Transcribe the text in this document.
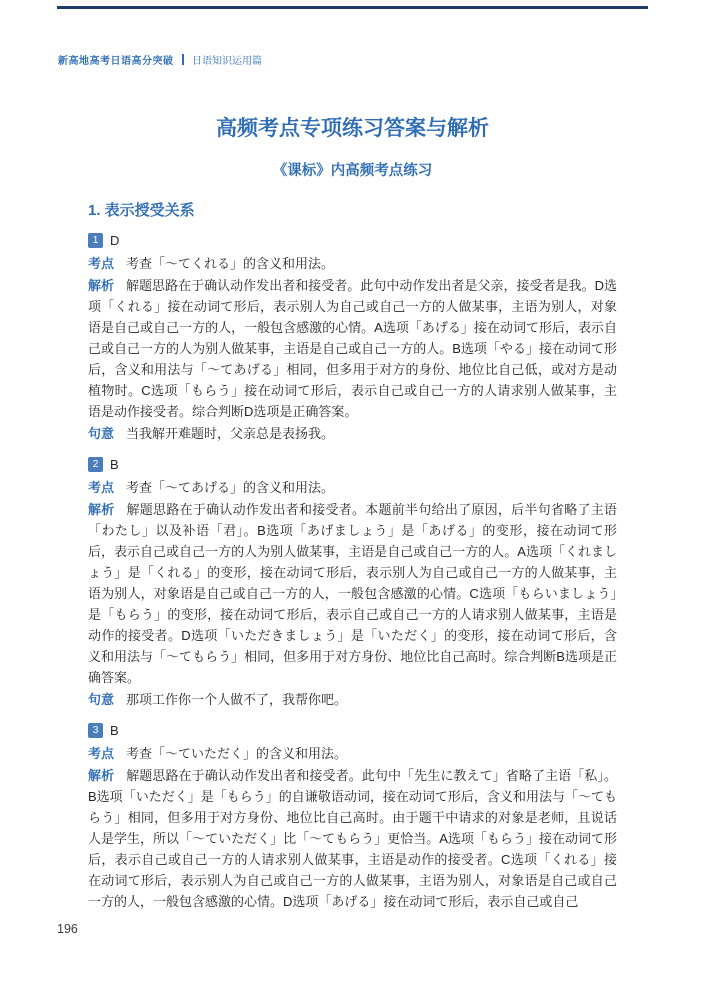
新高地高考日语高分突破 日语知识运用篇
高频考点专项练习答案与解析
《课标》内高频考点练习
1. 表示授受关系
1 D

考点 考查「～てくれる」的含义和用法。

解析 解题思路在于确认动作发出者和接受者。此句中动作发出者是父亲，接受者是我。D选项「くれる」接在动词て形后，表示别人为自己或自己一方的人做某事，主语为别人，对象语是自己或自己一方的人，一般包含感激的心情。A选项「あげる」接在动词て形后，表示自己或自己一方的人为别人做某事，主语是自己或自己一方的人。B选项「やる」接在动词て形后，含义和用法与「～てあげる」相同，但多用于对方的身份、地位比自己低，或对方是动植物时。C选项「もらう」接在动词て形后，表示自己或自己一方的人请求别人做某事，主语是动作接受者。综合判断D选项是正确答案。

句意 当我解开难题时，父亲总是表扬我。

2 B

考点 考查「～てあげる」的含义和用法。

解析 解题思路在于确认动作发出者和接受者。本题前半句给出了原因，后半句省略了主语「わたし」以及补语「君」。B选项「あげましょう」是「あげる」的变形，接在动词て形后，表示自己或自己一方的人为别人做某事，主语是自己或自己一方的人。A选项「くれましょう」是「くれる」的变形，接在动词て形后，表示别人为自己或自己一方的人做某事，主语为别人，对象语是自己或自己一方的人，一般包含感激的心情。C选项「もらいましょう」是「もらう」的变形，接在动词て形后，表示自己或自己一方的人请求别人做某事，主语是动作的接受者。D选项「いただきましょう」是「いただく」的变形，接在动词て形后，含义和用法与「～てもらう」相同，但多用于对方身份、地位比自己高时。综合判断B选项是正确答案。

句意 那项工作你一个人做不了，我帮你吧。

3 B

考点 考查「～ていただく」的含义和用法。

解析 解题思路在于确认动作发出者和接受者。此句中「先生に教えて」省略了主语「私」。B选项「いただく」是「もらう」的自谦敬语动词，接在动词て形后，含义和用法与「～てもらう」相同，但多用于对方身份、地位比自己高时。由于题干中请求的对象是老师，且说话人是学生，所以「～ていただく」比「～てもらう」更恰当。A选项「もらう」接在动词て形后，表示自己或自己一方的人请求别人做某事，主语是动作的接受者。C选项「くれる」接在动词て形后，表示别人为自己或自己一方的人做某事，主语为别人，对象语是自己或自己一方的人，一般包含感激的心情。D选项「あげる」接在动词て形后，表示自己或自己

196
